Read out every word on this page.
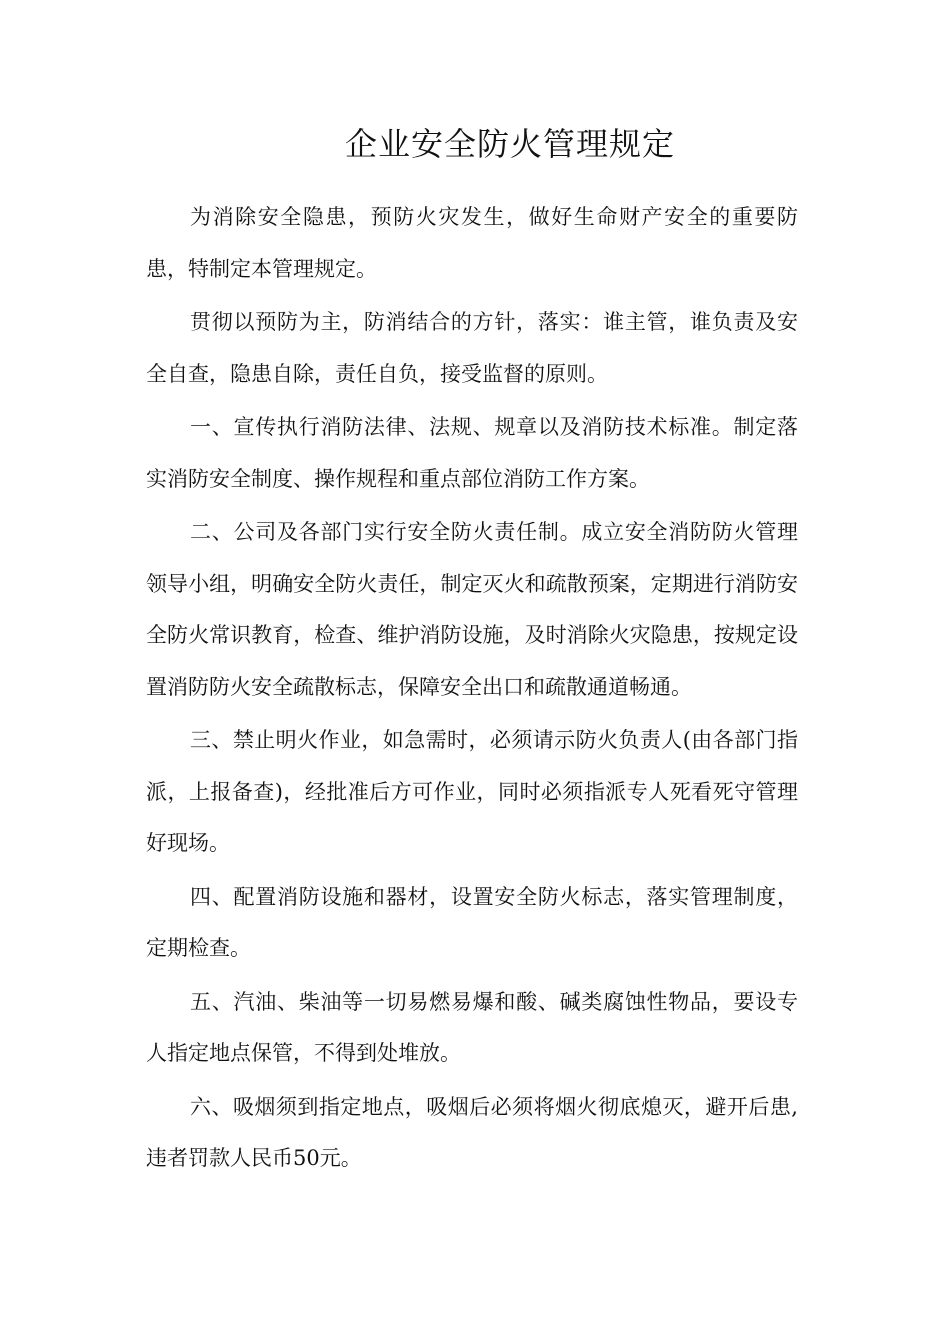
企业安全防火管理规定

为消除安全隐患，预防火灾发生，做好生命财产安全的重要防患，特制定本管理规定。

贯彻以预防为主，防消结合的方针，落实：谁主管，谁负责及安全自查，隐患自除，责任自负，接受监督的原则。

一、宣传执行消防法律、法规、规章以及消防技术标准。制定落实消防安全制度、操作规程和重点部位消防工作方案。

二、公司及各部门实行安全防火责任制。成立安全消防防火管理领导小组，明确安全防火责任，制定灭火和疏散预案，定期进行消防安全防火常识教育，检查、维护消防设施，及时消除火灾隐患，按规定设置消防防火安全疏散标志，保障安全出口和疏散通道畅通。

三、禁止明火作业，如急需时，必须请示防火负责人(由各部门指派，上报备查)，经批准后方可作业，同时必须指派专人死看死守管理好现场。

四、配置消防设施和器材，设置安全防火标志，落实管理制度，定期检查。

五、汽油、柴油等一切易燃易爆和酸、碱类腐蚀性物品，要设专人指定地点保管，不得到处堆放。

六、吸烟须到指定地点，吸烟后必须将烟火彻底熄灭，避开后患,违者罚款人民币50元。
